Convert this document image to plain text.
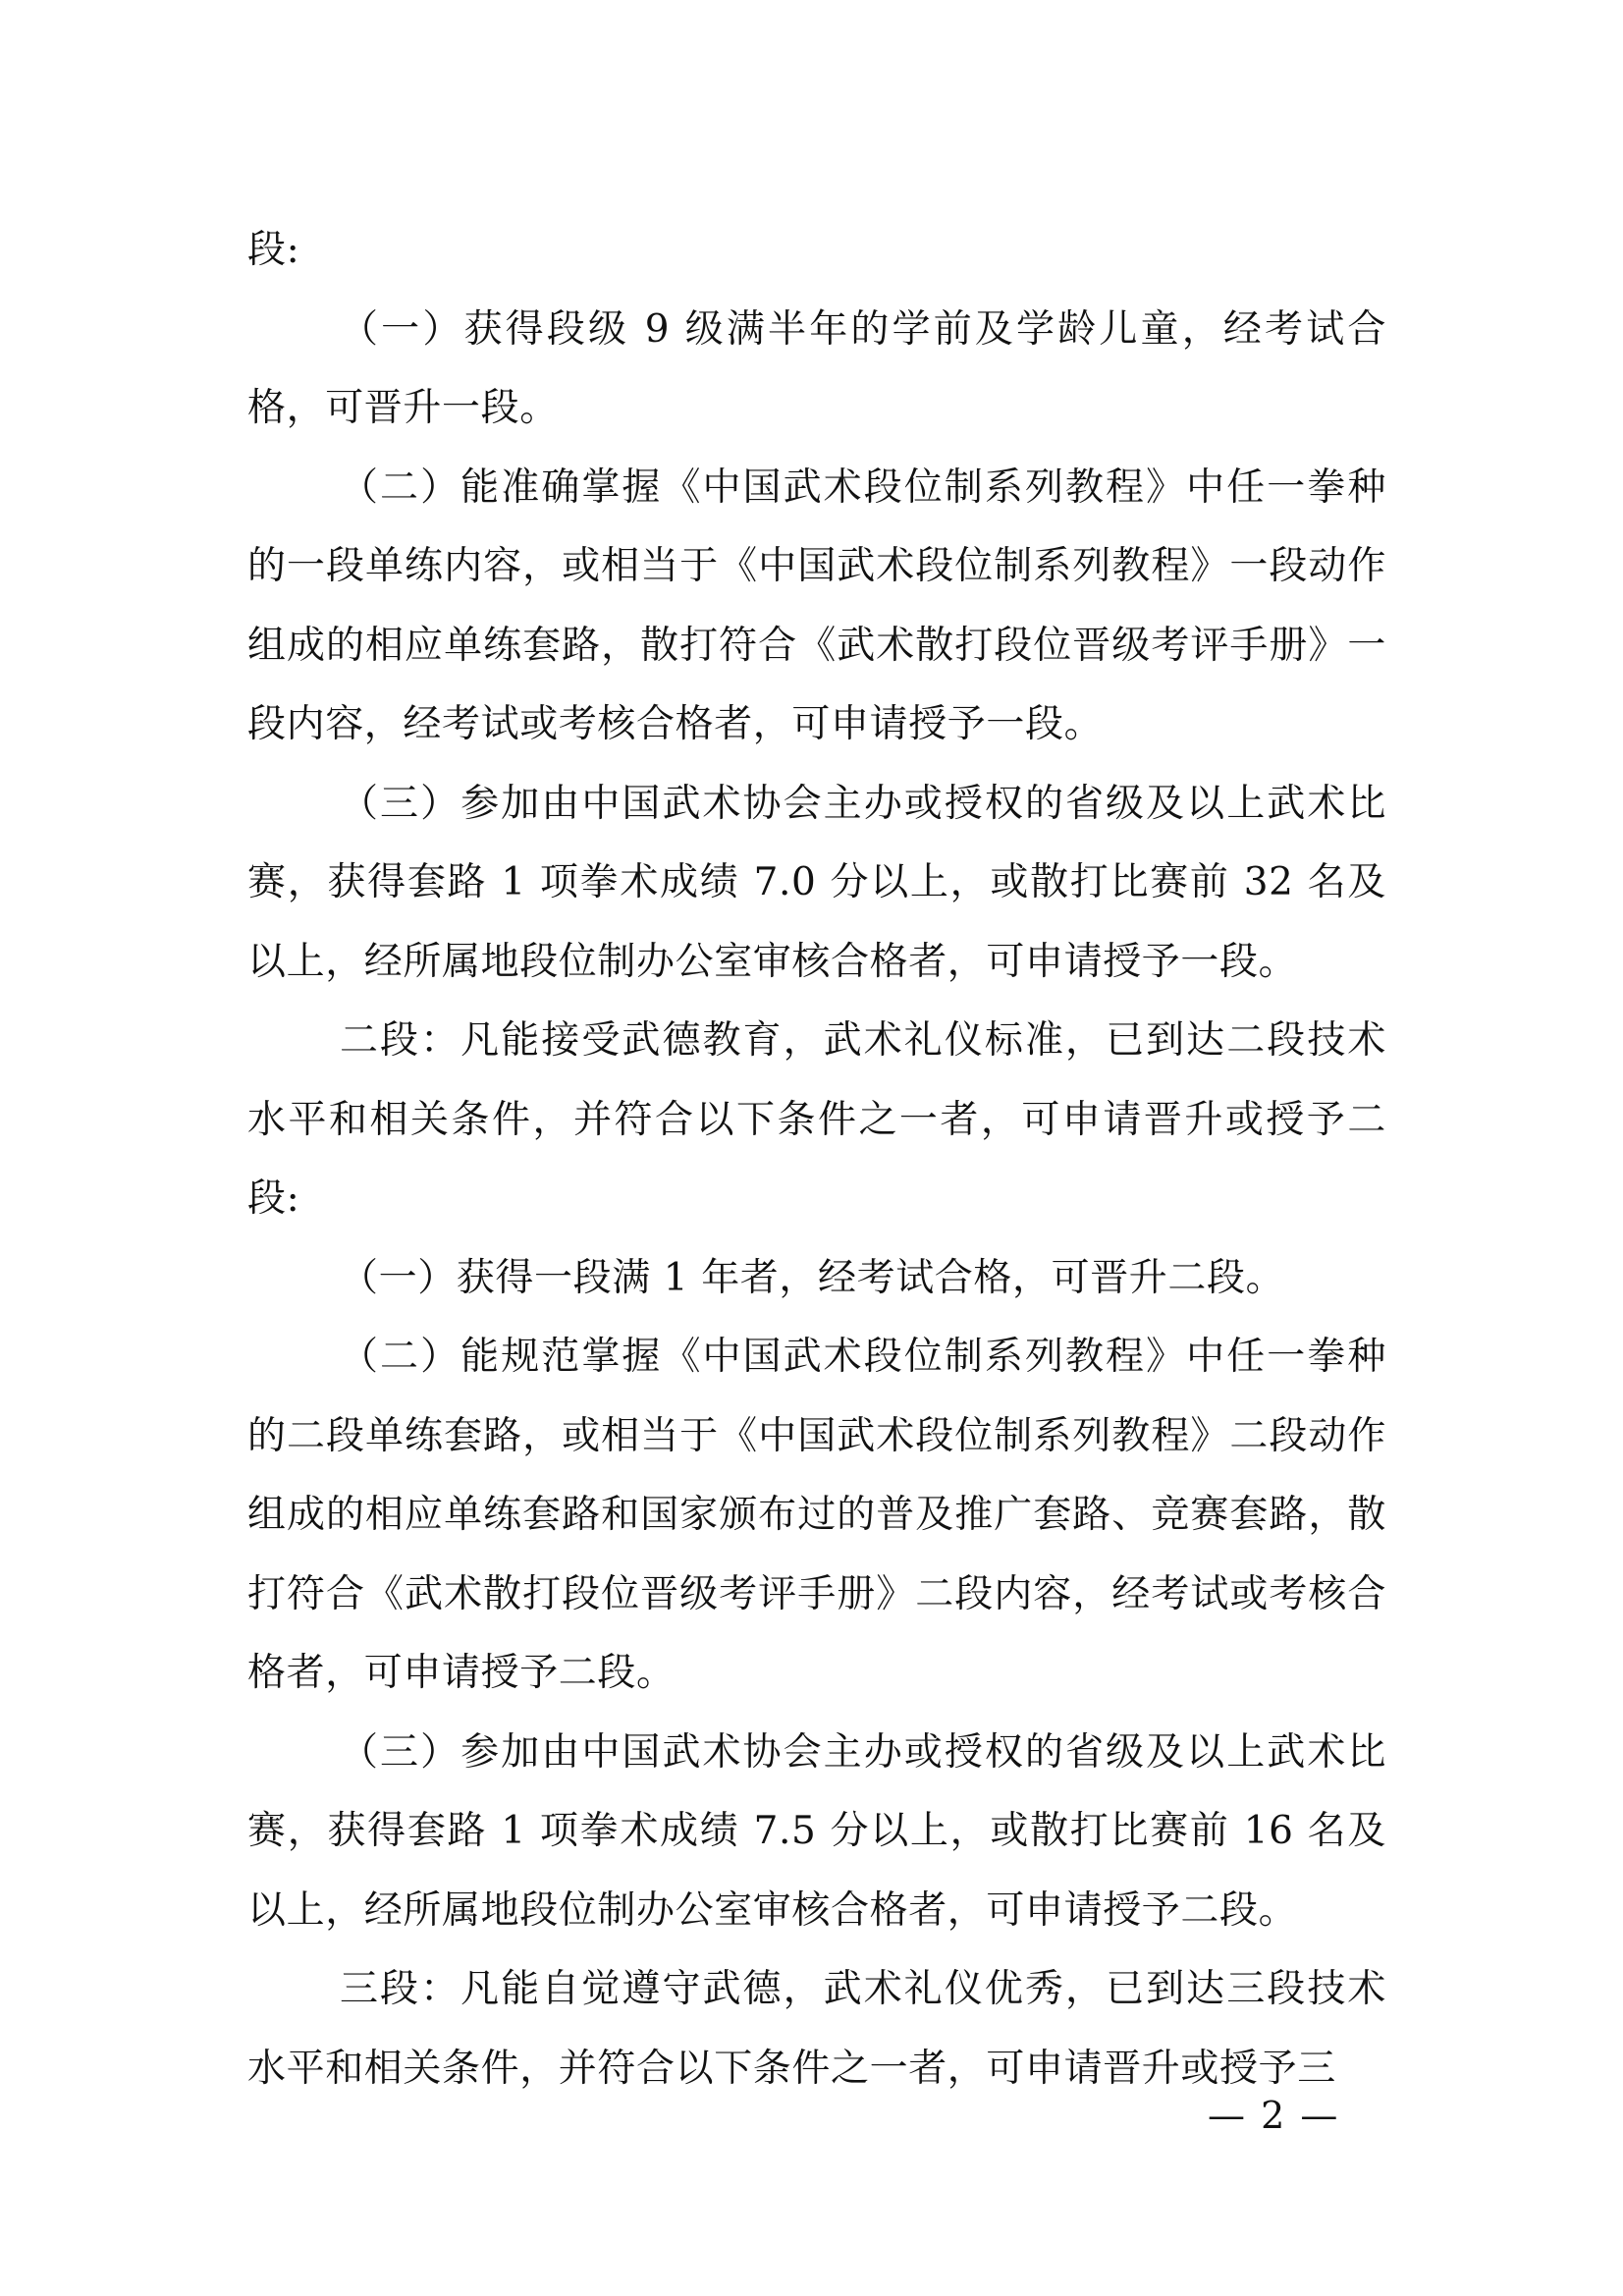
段:

（一）获得段级 9 级满半年的学前及学龄儿童，经考试合格，可晋升一段。

（二）能准确掌握《中国武术段位制系列教程》中任一拳种的一段单练内容，或相当于《中国武术段位制系列教程》一段动作组成的相应单练套路，散打符合《武术散打段位晋级考评手册》一段内容，经考试或考核合格者，可申请授予一段。

（三）参加由中国武术协会主办或授权的省级及以上武术比赛，获得套路 1 项拳术成绩 7.0 分以上，或散打比赛前 32 名及以上，经所属地段位制办公室审核合格者，可申请授予一段。

二段：凡能接受武德教育，武术礼仪标准，已到达二段技术水平和相关条件，并符合以下条件之一者，可申请晋升或授予二段:

（一）获得一段满 1 年者，经考试合格，可晋升二段。

（二）能规范掌握《中国武术段位制系列教程》中任一拳种的二段单练套路，或相当于《中国武术段位制系列教程》二段动作组成的相应单练套路和国家颁布过的普及推广套路、竞赛套路，散打符合《武术散打段位晋级考评手册》二段内容，经考试或考核合格者，可申请授予二段。

（三）参加由中国武术协会主办或授权的省级及以上武术比赛，获得套路 1 项拳术成绩 7.5 分以上，或散打比赛前 16 名及以上，经所属地段位制办公室审核合格者，可申请授予二段。

三段：凡能自觉遵守武德，武术礼仪优秀，已到达三段技术水平和相关条件，并符合以下条件之一者，可申请晋升或授予三

— 2 —
